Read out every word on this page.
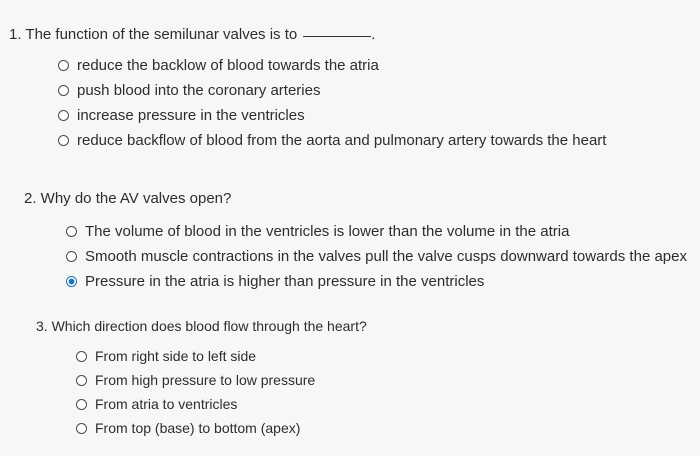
1. The function of the semilunar valves is to	.
reduce the backlow of blood towards the atria
push blood into the coronary arteries
increase pressure in the ventricles
reduce backflow of blood from the aorta and pulmonary artery towards the heart
2. Why do the AV valves open?
The volume of blood in the ventricles is lower than the volume in the atria
Smooth muscle contractions in the valves pull the valve cusps downward towards the apex
Pressure in the atria is higher than pressure in the ventricles
3. Which direction does blood flow through the heart?
From right side to left side
From high pressure to low pressure
From atria to ventricles
From top (base) to bottom (apex)
